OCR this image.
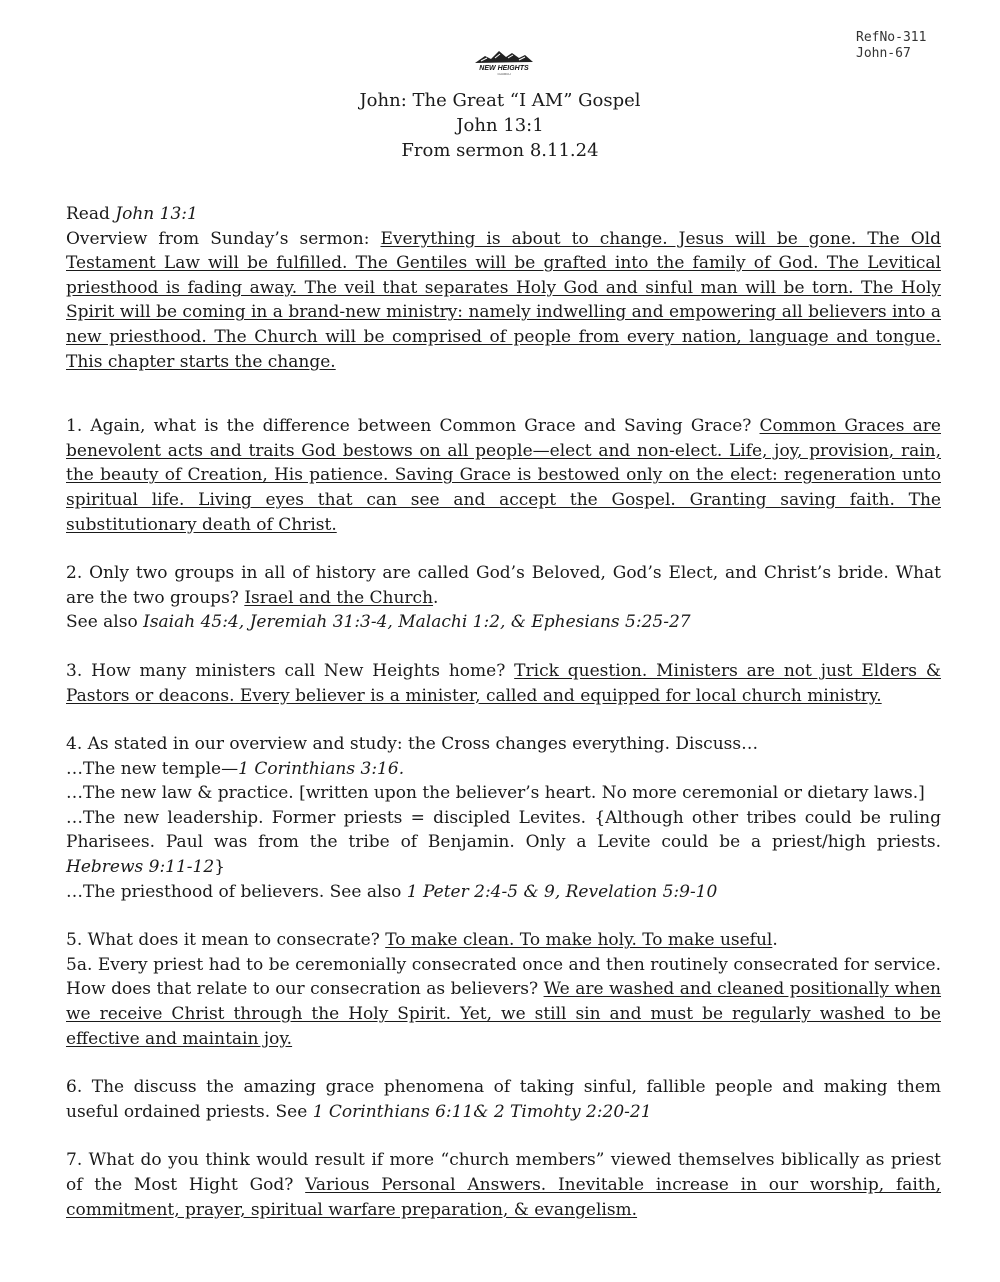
RefNo-311
John-67
NEW HEIGHTS
CHURCH
John: The Great “I AM” Gospel
John 13:1
From sermon 8.11.24

Read John 13:1

Overview from Sunday’s sermon: Everything is about to change. Jesus will be gone. The Old Testament Law will be fulfilled. The Gentiles will be grafted into the family of God. The Levitical priesthood is fading away. The veil that separates Holy God and sinful man will be torn. The Holy Spirit will be coming in a brand-new ministry: namely indwelling and empowering all believers into a new priesthood. The Church will be comprised of people from every nation, language and tongue. This chapter starts the change.

1. Again, what is the difference between Common Grace and Saving Grace? Common Graces are benevolent acts and traits God bestows on all people—elect and non-elect. Life, joy, provision, rain, the beauty of Creation, His patience. Saving Grace is bestowed only on the elect: regeneration unto spiritual life. Living eyes that can see and accept the Gospel. Granting saving faith. The substitutionary death of Christ.

2. Only two groups in all of history are called God’s Beloved, God’s Elect, and Christ’s bride. What are the two groups? Israel and the Church.

See also Isaiah 45:4, Jeremiah 31:3-4, Malachi 1:2, & Ephesians 5:25-27

3. How many ministers call New Heights home? Trick question. Ministers are not just Elders & Pastors or deacons. Every believer is a minister, called and equipped for local church ministry.

4. As stated in our overview and study: the Cross changes everything. Discuss…

…The new temple—1 Corinthians 3:16.

…The new law & practice. [written upon the believer’s heart. No more ceremonial or dietary laws.]

…The new leadership. Former priests = discipled Levites. {Although other tribes could be ruling Pharisees. Paul was from the tribe of Benjamin. Only a Levite could be a priest/high priests. Hebrews 9:11-12}

…The priesthood of believers. See also 1 Peter 2:4-5 & 9, Revelation 5:9-10

5. What does it mean to consecrate? To make clean. To make holy. To make useful.

5a. Every priest had to be ceremonially consecrated once and then routinely consecrated for service. How does that relate to our consecration as believers? We are washed and cleaned positionally when we receive Christ through the Holy Spirit. Yet, we still sin and must be regularly washed to be effective and maintain joy.

6. The discuss the amazing grace phenomena of taking sinful, fallible people and making them useful ordained priests. See 1 Corinthians 6:11& 2 Timohty 2:20-21

7. What do you think would result if more “church members” viewed themselves biblically as priest of the Most Hight God? Various Personal Answers. Inevitable increase in our worship, faith, commitment, prayer, spiritual warfare preparation, & evangelism.
